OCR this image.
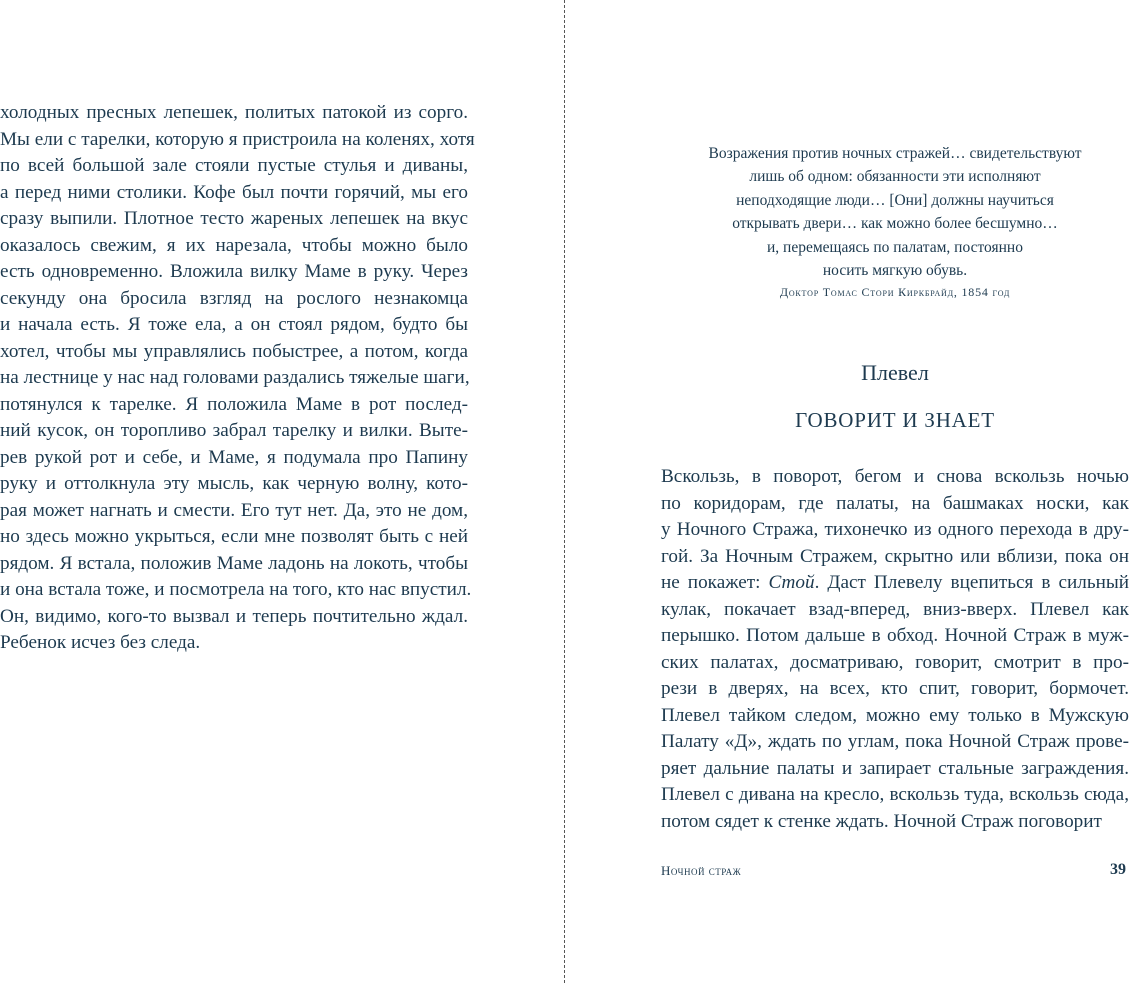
холодных пресных лепешек, политых патокой из сорго.
Мы ели с тарелки, которую я пристроила на коленях, хотя
по всей большой зале стояли пустые стулья и диваны,
а перед ними столики. Кофе был почти горячий, мы его
сразу выпили. Плотное тесто жареных лепешек на вкус
оказалось свежим, я их нарезала, чтобы можно было
есть одновременно. Вложила вилку Маме в руку. Через
секунду она бросила взгляд на рослого незнакомца
и начала есть. Я тоже ела, а он стоял рядом, будто бы
хотел, чтобы мы управлялись побыстрее, а потом, когда
на лестнице у нас над головами раздались тяжелые шаги,
потянулся к тарелке. Я положила Маме в рот послед-
ний кусок, он торопливо забрал тарелку и вилки. Выте-
рев рукой рот и себе, и Маме, я подумала про Папину
руку и оттолкнула эту мысль, как черную волну, кото-
рая может нагнать и смести. Его тут нет. Да, это не дом,
но здесь можно укрыться, если мне позволят быть с ней
рядом. Я встала, положив Маме ладонь на локоть, чтобы
и она встала тоже, и посмотрела на того, кто нас впустил.
Он, видимо, кого-то вызвал и теперь почтительно ждал.
Ребенок исчез без следа.
Возражения против ночных стражей… свидетельствуют
лишь об одном: обязанности эти исполняют
неподходящие люди… [Они] должны научиться
открывать двери… как можно более бесшумно…
и, перемещаясь по палатам, постоянно
носить мягкую обувь.
Доктор Томас Стори Киркбрайд, 1854 год
Плевел
ГОВОРИТ И ЗНАЕТ
Вскользь, в поворот, бегом и снова вскользь ночью
по коридорам, где палаты, на башмаках носки, как
у Ночного Стража, тихонечко из одного перехода в дру-
гой. За Ночным Стражем, скрытно или вблизи, пока он
не покажет: Стой. Даст Плевелу вцепиться в сильный
кулак, покачает взад-вперед, вниз-вверх. Плевел как
перышко. Потом дальше в обход. Ночной Страж в муж-
ских палатах, досматриваю, говорит, смотрит в про-
рези в дверях, на всех, кто спит, говорит, бормочет.
Плевел тайком следом, можно ему только в Мужскую
Палату «Д», ждать по углам, пока Ночной Страж прове-
ряет дальние палаты и запирает стальные заграждения.
Плевел с дивана на кресло, вскользь туда, вскользь сюда,
потом сядет к стенке ждать. Ночной Страж поговорит
Ночной страж	39
